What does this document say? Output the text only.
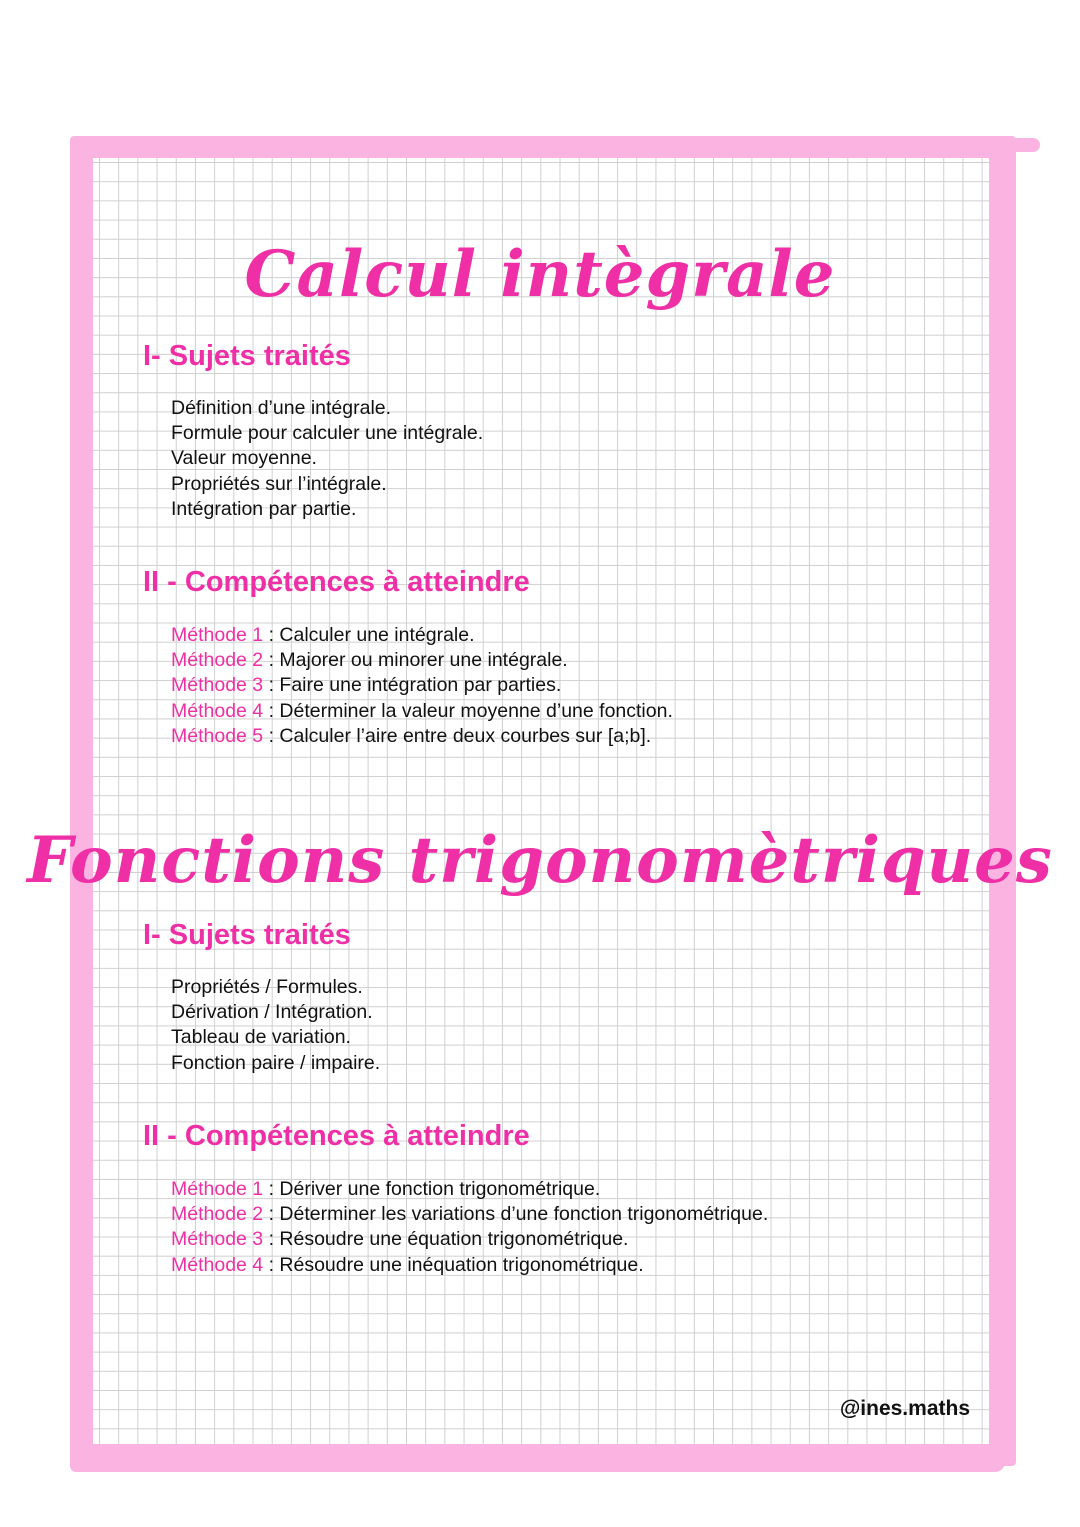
Calcul intègrale
I- Sujets traités
Définition d’une intégrale.
Formule pour calculer une intégrale.
Valeur moyenne.
Propriétés sur l’intégrale.
Intégration par partie.
II - Compétences à atteindre
Méthode 1 : Calculer une intégrale.
Méthode 2 : Majorer ou minorer une intégrale.
Méthode 3 : Faire une intégration par parties.
Méthode 4 : Déterminer la valeur moyenne d’une fonction.
Méthode 5 : Calculer l’aire entre deux courbes sur [a;b].
Fonctions trigonomètriques
I- Sujets traités
Propriétés / Formules.
Dérivation / Intégration.
Tableau de variation.
Fonction paire / impaire.
II - Compétences à atteindre
Méthode 1 : Dériver une fonction trigonométrique.
Méthode 2 : Déterminer les variations d’une fonction trigonométrique.
Méthode 3 : Résoudre une équation trigonométrique.
Méthode 4 : Résoudre une inéquation trigonométrique.
@ines.maths
